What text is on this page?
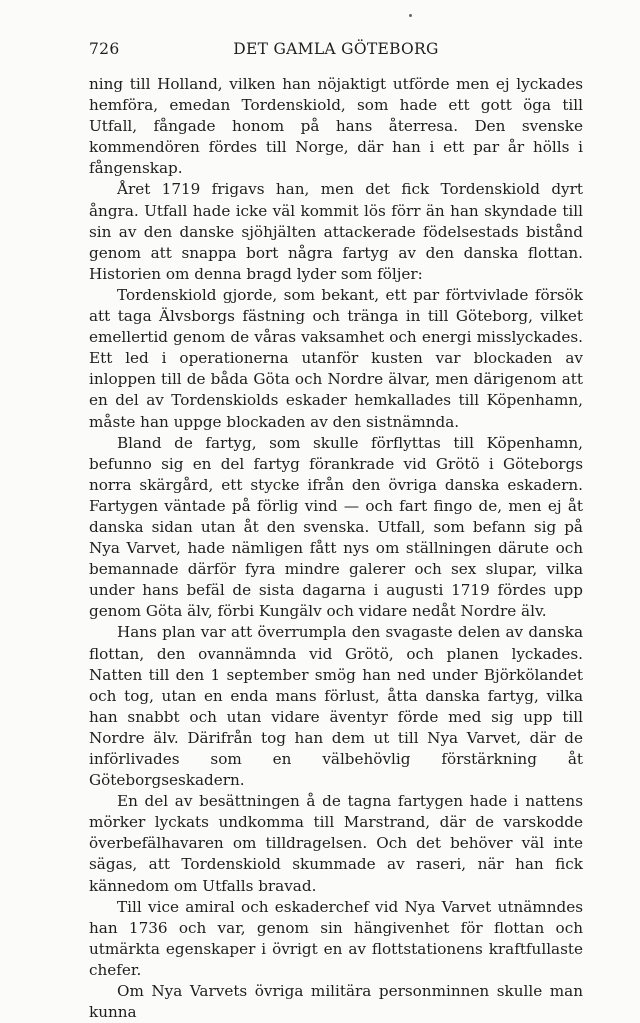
726	DET GAMLA GÖTEBORG

ning till Holland, vilken han nöjaktigt utförde men ej lyckades hemföra, emedan Tordenskiold, som hade ett gott öga till Utfall, fångade honom på hans återresa. Den svenske kommendören fördes till Norge, där han i ett par år hölls i fångenskap.

Året 1719 frigavs han, men det fick Tordenskiold dyrt ångra. Utfall hade icke väl kommit lös förr än han skyndade till sin av den danske sjöhjälten attackerade födelsestads bistånd genom att snappa bort några fartyg av den danska flottan. Historien om denna bragd lyder som följer:

Tordenskiold gjorde, som bekant, ett par förtvivlade försök att taga Älvsborgs fästning och tränga in till Göteborg, vilket emellertid genom de våras vaksamhet och energi misslyckades. Ett led i operationerna utanför kusten var blockaden av inloppen till de båda Göta och Nordre älvar, men därigenom att en del av Tordenskiolds eskader hemkallades till Köpenhamn, måste han uppge blockaden av den sistnämnda.

Bland de fartyg, som skulle förflyttas till Köpenhamn, befunno sig en del fartyg förankrade vid Grötö i Göteborgs norra skärgård, ett stycke ifrån den övriga danska eskadern. Fartygen väntade på förlig vind — och fart fingo de, men ej åt danska sidan utan åt den svenska. Utfall, som befann sig på Nya Varvet, hade nämligen fått nys om ställningen därute och bemannade därför fyra mindre galerer och sex slupar, vilka under hans befäl de sista dagarna i augusti 1719 fördes upp genom Göta älv, förbi Kungälv och vidare nedåt Nordre älv.

Hans plan var att överrumpla den svagaste delen av danska flottan, den ovannämnda vid Grötö, och planen lyckades. Natten till den 1 september smög han ned under Björkölandet och tog, utan en enda mans förlust, åtta danska fartyg, vilka han snabbt och utan vidare äventyr förde med sig upp till Nordre älv. Därifrån tog han dem ut till Nya Varvet, där de införlivades som en välbehövlig förstärkning åt Göteborgseskadern.

En del av besättningen å de tagna fartygen hade i nattens mörker lyckats undkomma till Marstrand, där de varskodde överbefälhavaren om tilldragelsen. Och det behöver väl inte sägas, att Tordenskiold skummade av raseri, när han fick kännedom om Utfalls bravad.

Till vice amiral och eskaderchef vid Nya Varvet utnämndes han 1736 och var, genom sin hängivenhet för flottan och utmärkta egenskaper i övrigt en av flottstationens kraftfullaste chefer.

Om Nya Varvets övriga militära personminnen skulle man kunna
